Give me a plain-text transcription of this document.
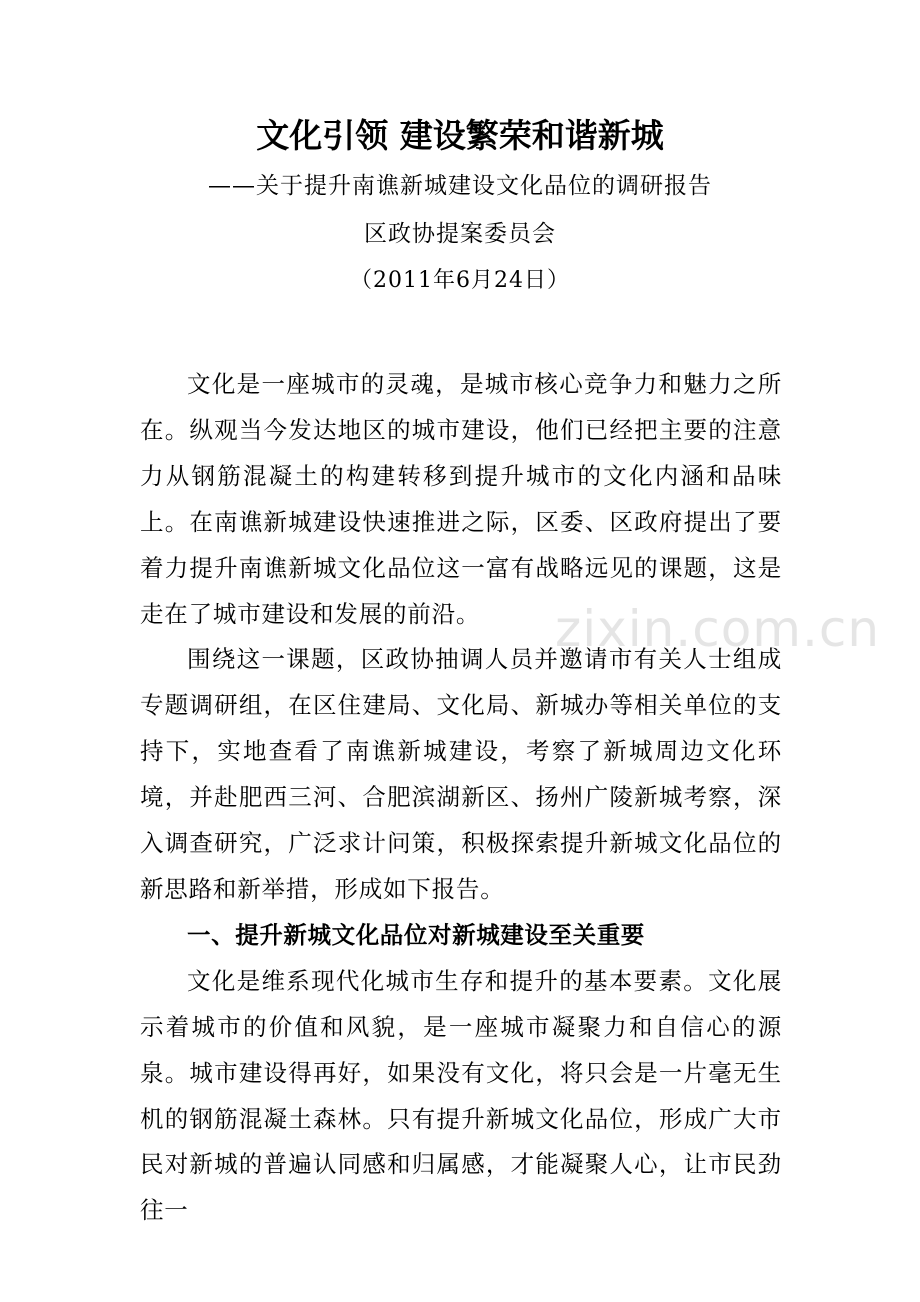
文化引领 建设繁荣和谐新城
——关于提升南谯新城建设文化品位的调研报告
区政协提案委员会
（2011年6月24日）

文化是一座城市的灵魂，是城市核心竞争力和魅力之所在。纵观当今发达地区的城市建设，他们已经把主要的注意力从钢筋混凝土的构建转移到提升城市的文化内涵和品味上。在南谯新城建设快速推进之际，区委、区政府提出了要着力提升南谯新城文化品位这一富有战略远见的课题，这是走在了城市建设和发展的前沿。

围绕这一课题，区政协抽调人员并邀请市有关人士组成专题调研组，在区住建局、文化局、新城办等相关单位的支持下，实地查看了南谯新城建设，考察了新城周边文化环境，并赴肥西三河、合肥滨湖新区、扬州广陵新城考察，深入调查研究，广泛求计问策，积极探索提升新城文化品位的新思路和新举措，形成如下报告。

一、提升新城文化品位对新城建设至关重要

文化是维系现代化城市生存和提升的基本要素。文化展示着城市的价值和风貌，是一座城市凝聚力和自信心的源泉。城市建设得再好，如果没有文化，将只会是一片毫无生机的钢筋混凝土森林。只有提升新城文化品位，形成广大市民对新城的普遍认同感和归属感，才能凝聚人心，让市民劲往一

zixin.com.cn
